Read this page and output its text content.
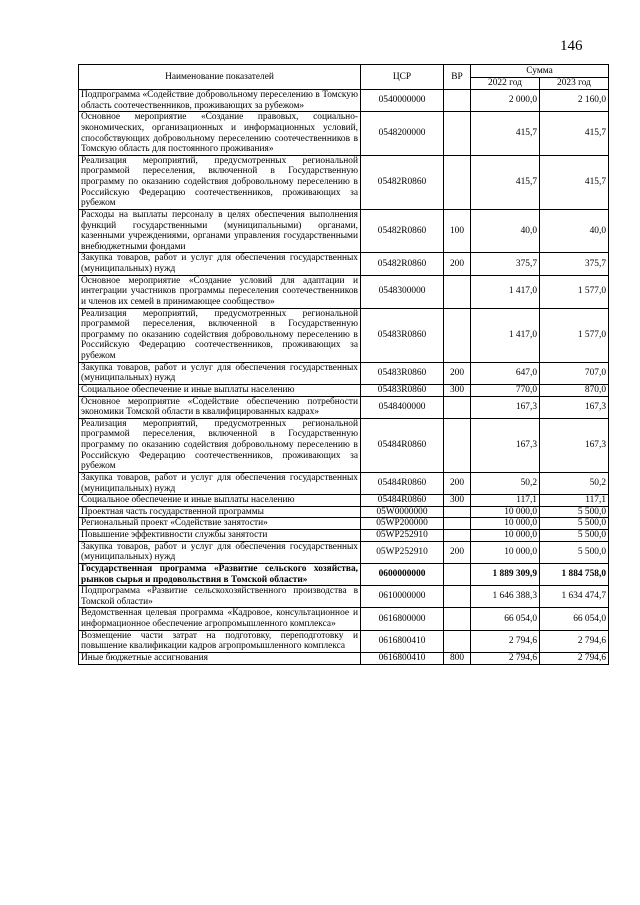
146
Наименование показателей	ЦСР	ВР	Сумма	
			2022 год	2023 год
Подпрограмма «Содействие добровольному переселению в Томскую область соотечественников, проживающих за рубежом»	0540000000		2 000,0	2 160,0
Основное мероприятие «Создание правовых, социально-экономических, организационных и информационных условий, способствующих добровольному переселению соотечественников в Томскую область для постоянного проживания»	0548200000		415,7	415,7
Реализация мероприятий, предусмотренных региональной программой переселения, включенной в Государственную программу по оказанию содействия добровольному переселению в Российскую Федерацию соотечественников, проживающих за рубежом	05482R0860		415,7	415,7
Расходы на выплаты персоналу в целях обеспечения выполнения функций государственными (муниципальными) органами, казенными учреждениями, органами управления государственными внебюджетными фондами	05482R0860	100	40,0	40,0
Закупка товаров, работ и услуг для обеспечения государственных (муниципальных) нужд	05482R0860	200	375,7	375,7
Основное мероприятие «Создание условий для адаптации и интеграции участников программы переселения соотечественников и членов их семей в принимающее сообщество»	0548300000		1 417,0	1 577,0
Реализация мероприятий, предусмотренных региональной программой переселения, включенной в Государственную программу по оказанию содействия добровольному переселению в Российскую Федерацию соотечественников, проживающих за рубежом	05483R0860		1 417,0	1 577,0
Закупка товаров, работ и услуг для обеспечения государственных (муниципальных) нужд	05483R0860	200	647,0	707,0
Социальное обеспечение и иные выплаты населению	05483R0860	300	770,0	870,0
Основное мероприятие «Содействие обеспечению потребности экономики Томской области в квалифицированных кадрах»	0548400000		167,3	167,3
Реализация мероприятий, предусмотренных региональной программой переселения, включенной в Государственную программу по оказанию содействия добровольному переселению в Российскую Федерацию соотечественников, проживающих за рубежом	05484R0860		167,3	167,3
Закупка товаров, работ и услуг для обеспечения государственных (муниципальных) нужд	05484R0860	200	50,2	50,2
Социальное обеспечение и иные выплаты населению	05484R0860	300	117,1	117,1
Проектная часть государственной программы	05W0000000		10 000,0	5 500,0
Региональный проект «Содействие занятости»	05WP200000		10 000,0	5 500,0
Повышение эффективности службы занятости	05WP252910		10 000,0	5 500,0
Закупка товаров, работ и услуг для обеспечения государственных (муниципальных) нужд	05WP252910	200	10 000,0	5 500,0
Государственная программа «Развитие сельского хозяйства, рынков сырья и продовольствия в Томской области»	0600000000		1 889 309,9	1 884 758,0
Подпрограмма «Развитие сельскохозяйственного производства в Томской области»	0610000000		1 646 388,3	1 634 474,7
Ведомственная целевая программа «Кадровое, консультационное и информационное обеспечение агропромышленного комплекса»	0616800000		66 054,0	66 054,0
Возмещение части затрат на подготовку, переподготовку и повышение квалификации кадров агропромышленного комплекса	0616800410		2 794,6	2 794,6
Иные бюджетные ассигнования	0616800410	800	2 794,6	2 794,6
